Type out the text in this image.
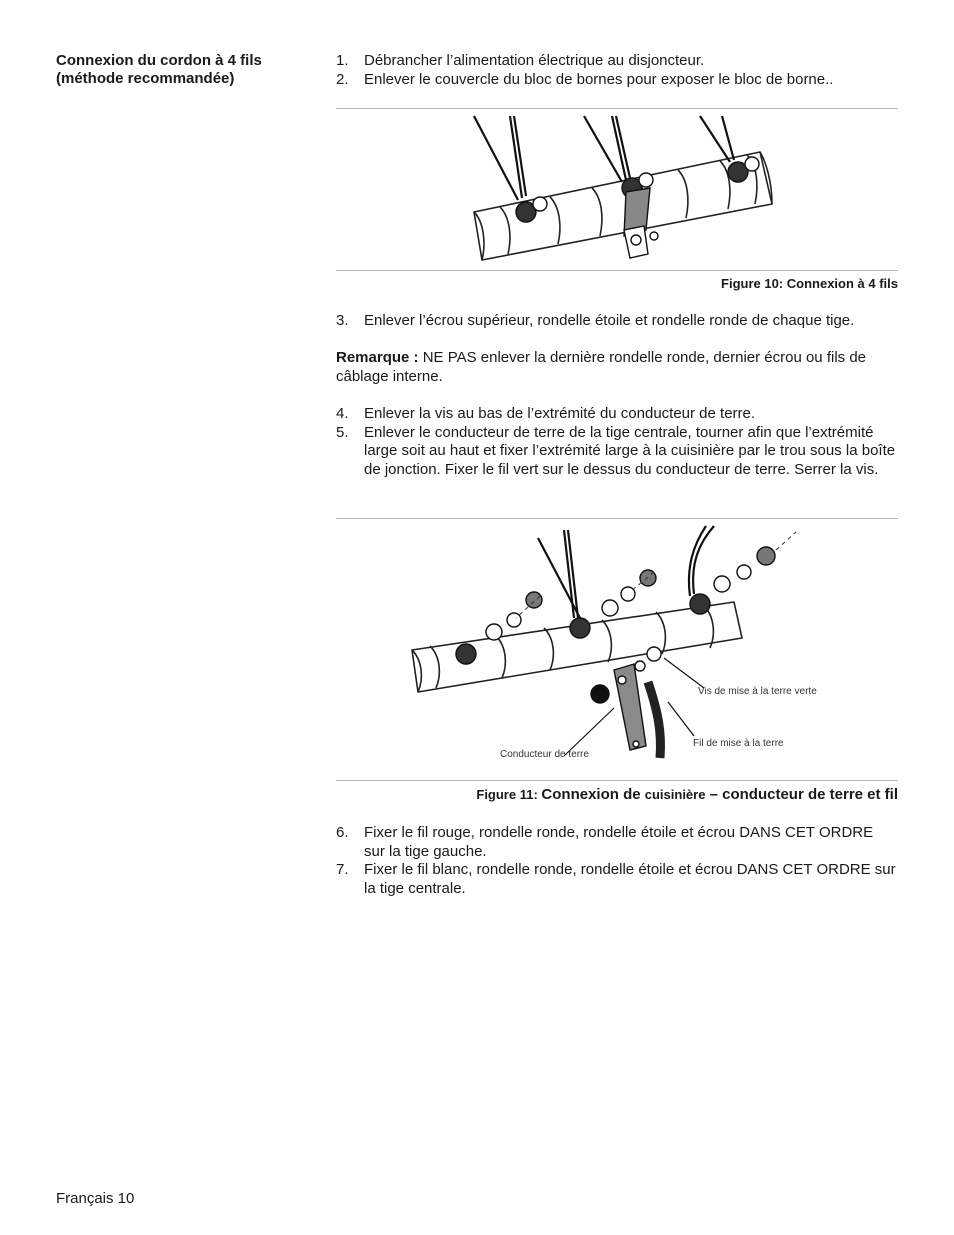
Connexion du cordon à 4 fils
(méthode recommandée)
1.	Débrancher l’alimentation électrique au disjoncteur.
2.	Enlever le couvercle du bloc de bornes pour exposer le bloc de borne..
Figure 10: Connexion à 4 fils
3.	Enlever l’écrou supérieur, rondelle étoile et rondelle ronde de chaque tige.
Remarque : NE PAS enlever la dernière rondelle ronde, dernier écrou ou fils de câblage interne.
4.	Enlever la vis au bas de l’extrémité du conducteur de terre.
5.	Enlever le conducteur de terre de la tige centrale, tourner afin que l’extrémité large soit au haut et fixer l’extrémité large à la cuisinière par le trou sous la boîte de jonction. Fixer le fil vert sur le dessus du conducteur de terre. Serrer la vis.
Vis de mise à la terre verte
Fil de mise à la terre
Conducteur de terre
Figure 11: Connexion de cuisinière – conducteur de terre et fil
6.	Fixer le fil rouge, rondelle ronde, rondelle étoile et écrou DANS CET ORDRE sur la tige gauche.
7.	Fixer le fil blanc, rondelle ronde, rondelle étoile et écrou DANS CET ORDRE sur la tige centrale.
Français 10
